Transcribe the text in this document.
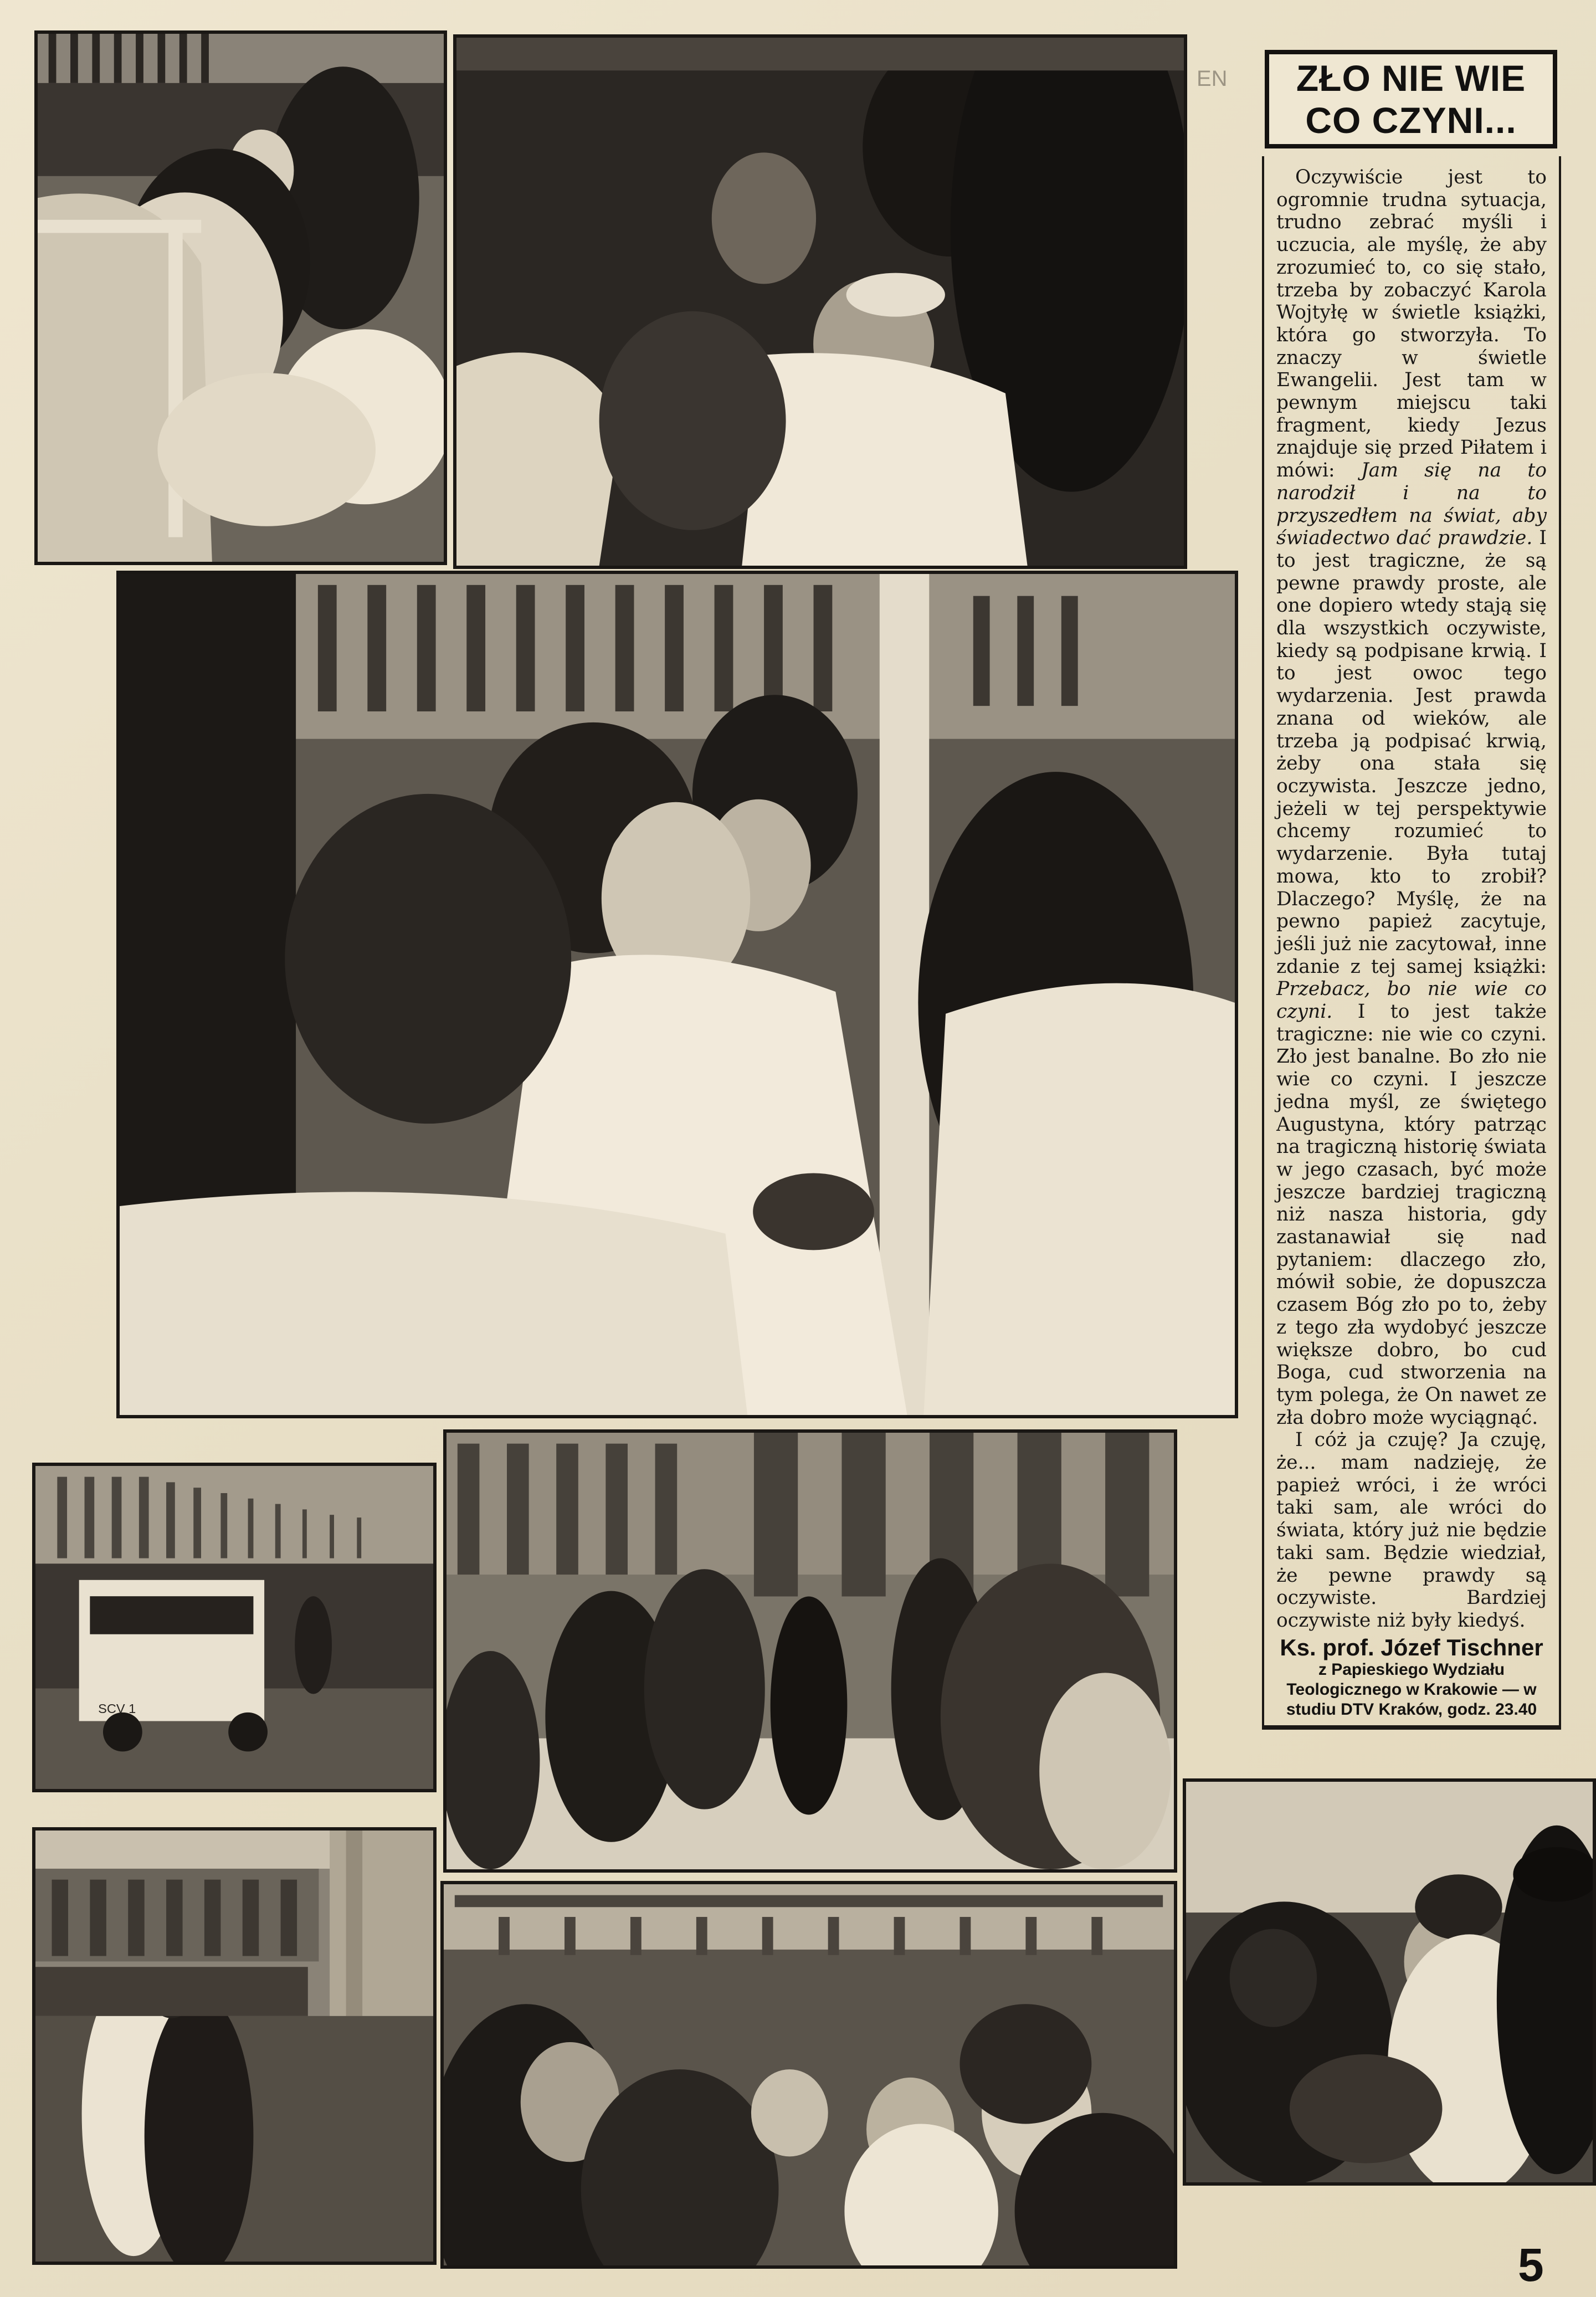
SCV 1
ZŁO NIE WIE CO CZYNI...

Oczywiście jest to ogromnie trudna sytuacja, trudno zebrać myśli i uczucia, ale myślę, że aby zrozumieć to, co się stało, trzeba by zobaczyć Karola Wojtyłę w świetle książki, która go stworzyła. To znaczy w świetle Ewangelii. Jest tam w pewnym miejscu taki fragment, kiedy Jezus znajduje się przed Piłatem i mówi: Jam się na to narodził i na to przyszedłem na świat, aby świadectwo dać prawdzie. I to jest tragiczne, że są pewne prawdy proste, ale one dopiero wtedy stają się dla wszystkich oczywiste, kiedy są podpisane krwią. I to jest owoc tego wydarzenia. Jest prawda znana od wieków, ale trzeba ją podpisać krwią, żeby ona stała się oczywista. Jeszcze jedno, jeżeli w tej perspektywie chcemy rozumieć to wydarzenie. Była tutaj mowa, kto to zrobił? Dlaczego? Myślę, że na pewno papież zacytuje, jeśli już nie zacytował, inne zdanie z tej samej książki: Przebacz, bo nie wie co czyni. I to jest także tragiczne: nie wie co czyni. Zło jest banalne. Bo zło nie wie co czyni. I jeszcze jedna myśl, ze świętego Augustyna, który patrząc na tragiczną historię świata w jego czasach, być może jeszcze bardziej tragiczną niż nasza historia, gdy zastanawiał się nad pytaniem: dlaczego zło, mówił sobie, że dopuszcza czasem Bóg zło po to, żeby z tego zła wydobyć jeszcze większe dobro, bo cud Boga, cud stworzenia na tym polega, że On nawet ze zła dobro może wyciągnąć.

I cóż ja czuję? Ja czuję, że... mam nadzieję, że papież wróci, i że wróci taki sam, ale wróci do świata, który już nie będzie taki sam. Będzie wiedział, że pewne prawdy są oczywiste. Bardziej oczywiste niż były kiedyś.

Ks. prof. Józef Tischner
z Papieskiego Wydziału Teologicznego w Krakowie — w studiu DTV Kraków, godz. 23.40
EN
5
